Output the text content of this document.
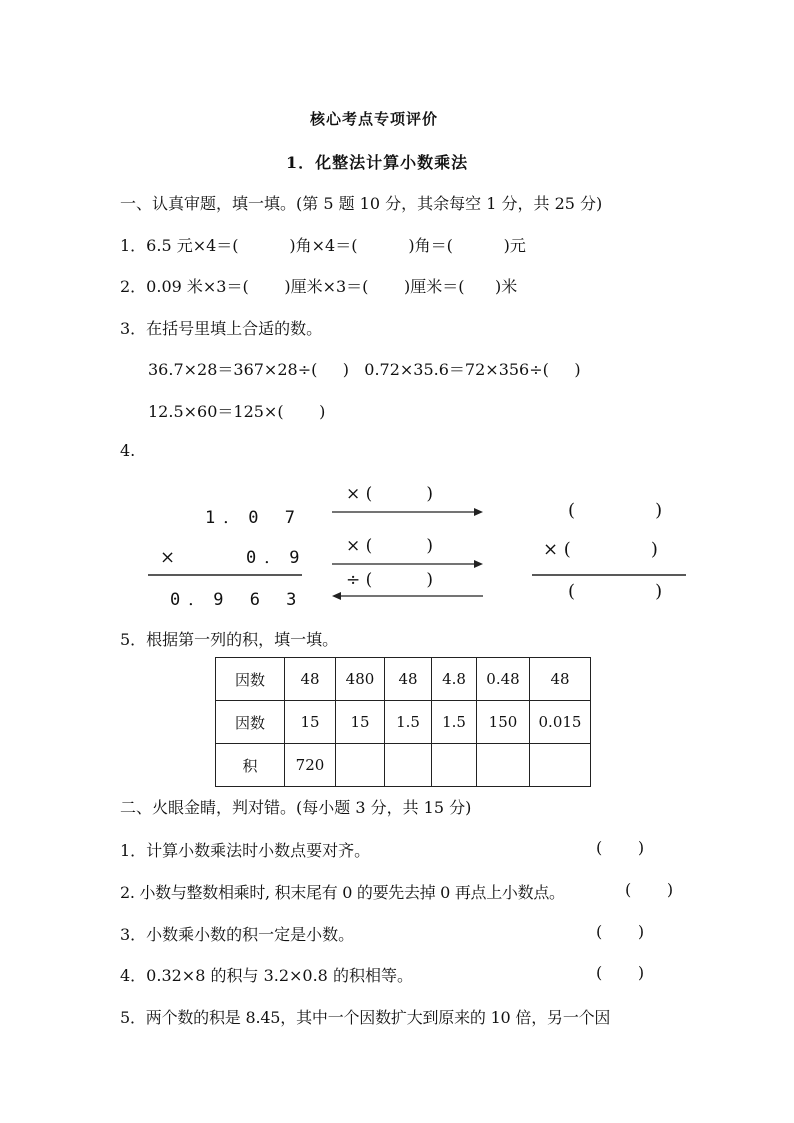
核心考点专项评价
1．化整法计算小数乘法
一、认真审题，填一填。(第 5 题 10 分，其余每空 1 分，共 25 分)
1．6.5 元×4＝(          )角×4＝(          )角＝(          )元
2．0.09 米×3＝(       )厘米×3＝(       )厘米＝(      )米
3．在括号里填上合适的数。
36.7×28＝367×28÷(     )   0.72×35.6＝72×356÷(     )
12.5×60＝125×(       )
4.
1．0 7
×	0．9
0．9 6 3
× (          )
× (          )
÷ (          )
(              )
× (              )
(              )
5．根据第一列的积，填一填。
因数	48	480	48	4.8	0.48	48
因数	15	15	1.5	1.5	150	0.015
积	720					
二、火眼金睛，判对错。(每小题 3 分，共 15 分)
1．计算小数乘法时小数点要对齐。	(       )
2. 小数与整数相乘时, 积末尾有 0 的要先去掉 0 再点上小数点。	(       )
3．小数乘小数的积一定是小数。	(       )
4．0.32×8 的积与 3.2×0.8 的积相等。	(       )
5．两个数的积是 8.45，其中一个因数扩大到原来的 10 倍，另一个因
